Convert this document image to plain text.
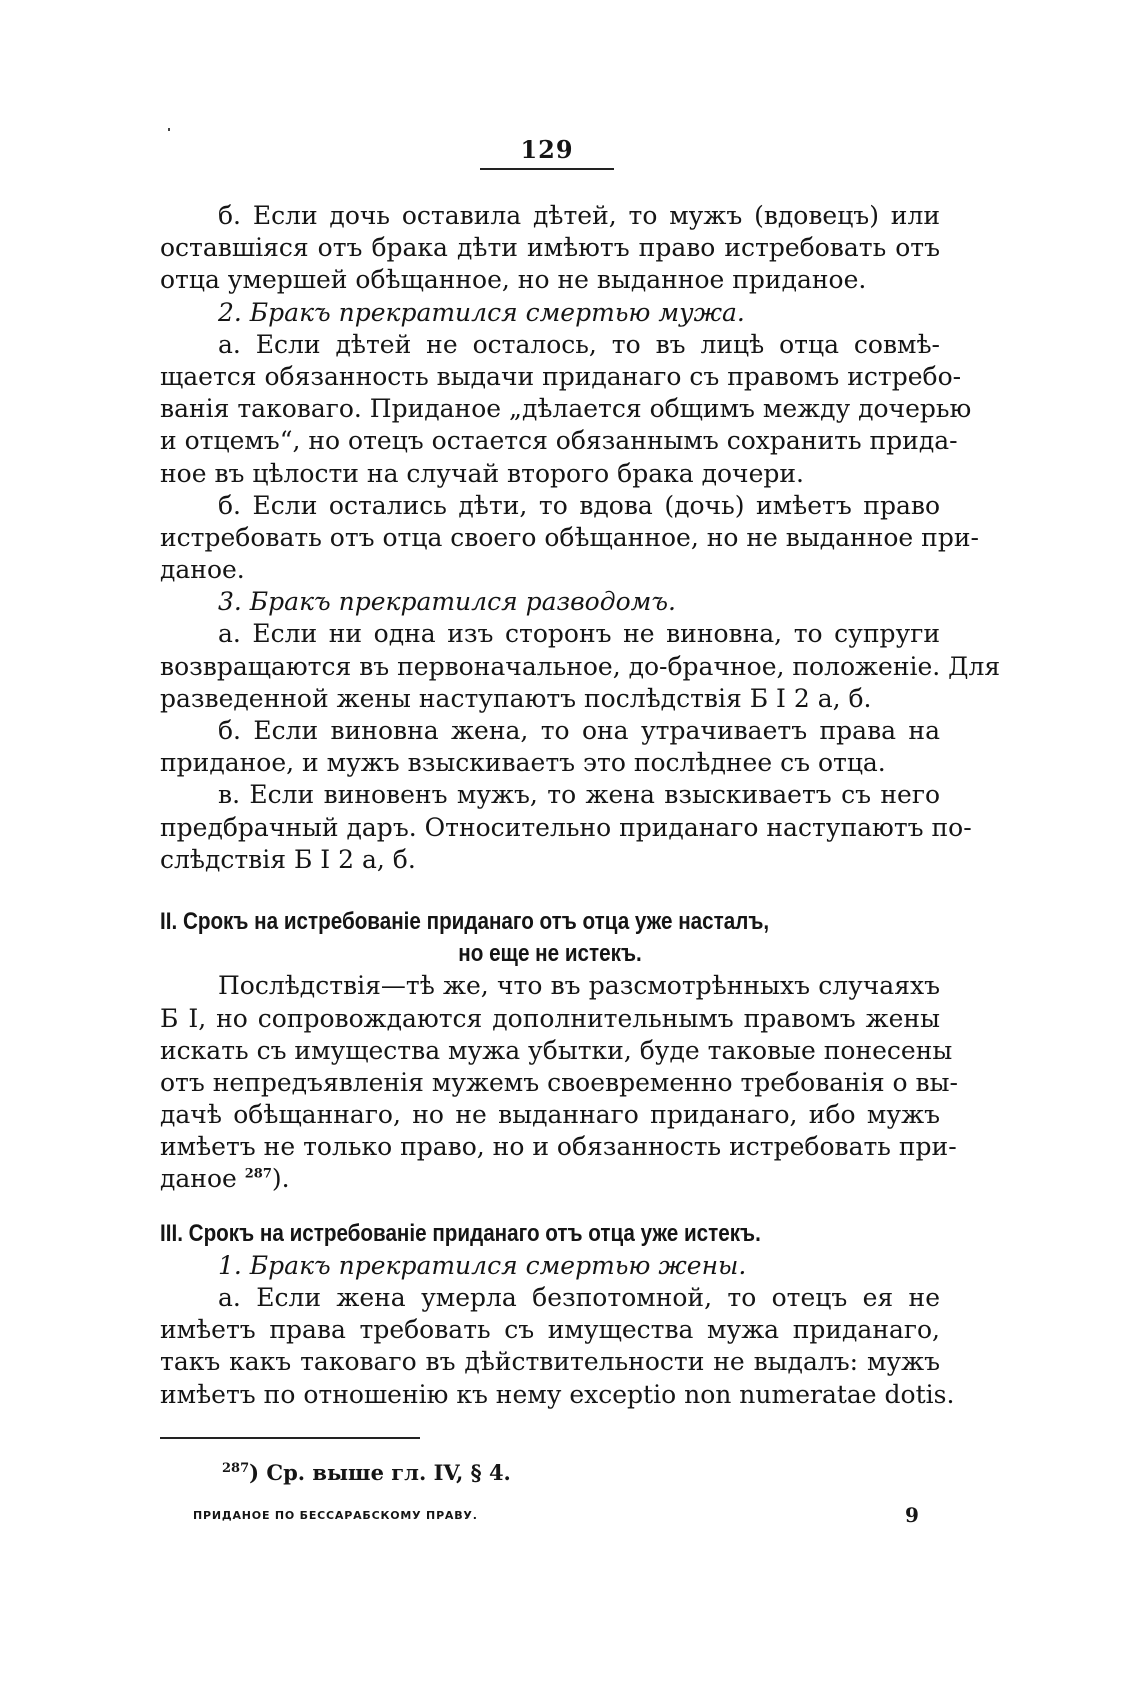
129
б. Если дочь оставила дѣтей, то мужъ (вдовецъ) или
оставшіяся отъ брака дѣти имѣютъ право истребовать отъ
отца умершей обѣщанное, но не выданное приданое.
2. Бракъ прекратился смертью мужа.
а. Если дѣтей не осталось, то въ лицѣ отца совмѣ-
щается обязанность выдачи приданаго съ правомъ истребо-
ванія таковаго. Приданое „дѣлается общимъ между дочерью
и отцемъ“, но отецъ остается обязаннымъ сохранить прида-
ное въ цѣлости на случай второго брака дочери.
б. Если остались дѣти, то вдова (дочь) имѣетъ право
истребовать отъ отца своего обѣщанное, но не выданное при-
даное.
3. Бракъ прекратился разводомъ.
а. Если ни одна изъ сторонъ не виновна, то супруги
возвращаются въ первоначальное, до-брачное, положеніе. Для
разведенной жены наступаютъ послѣдствія Б I 2 а, б.
б. Если виновна жена, то она утрачиваетъ права на
приданое, и мужъ взыскиваетъ это послѣднее съ отца.
в. Если виновенъ мужъ, то жена взыскиваетъ съ него
предбрачный даръ. Относительно приданаго наступаютъ по-
слѣдствія Б I 2 а, б.
II. Срокъ на истребованіе приданаго отъ отца уже насталъ,
но еще не истекъ.
Послѣдствія—тѣ же, что въ разсмотрѣнныхъ случаяхъ
Б I, но сопровождаются дополнительнымъ правомъ жены
искать съ имущества мужа убытки, буде таковые понесены
отъ непредъявленія мужемъ своевременно требованія о вы-
дачѣ обѣщаннаго, но не выданнаго приданаго, ибо мужъ
имѣетъ не только право, но и обязанность истребовать при-
даное $^{287}$).
III. Срокъ на истребованіе приданаго отъ отца уже истекъ.
1. Бракъ прекратился смертью жены.
а. Если жена умерла безпотомной, то отецъ ея не
имѣетъ права требовать съ имущества мужа приданаго,
такъ какъ таковаго въ дѣйствительности не выдалъ: мужъ
имѣетъ по отношенію къ нему exceptio non numeratae dotis.
$^{287}$) Ср. выше гл. IV, § 4.
ПРИДАНОЕ ПО БЕССАРАБСКОМУ ПРАВУ.	9
